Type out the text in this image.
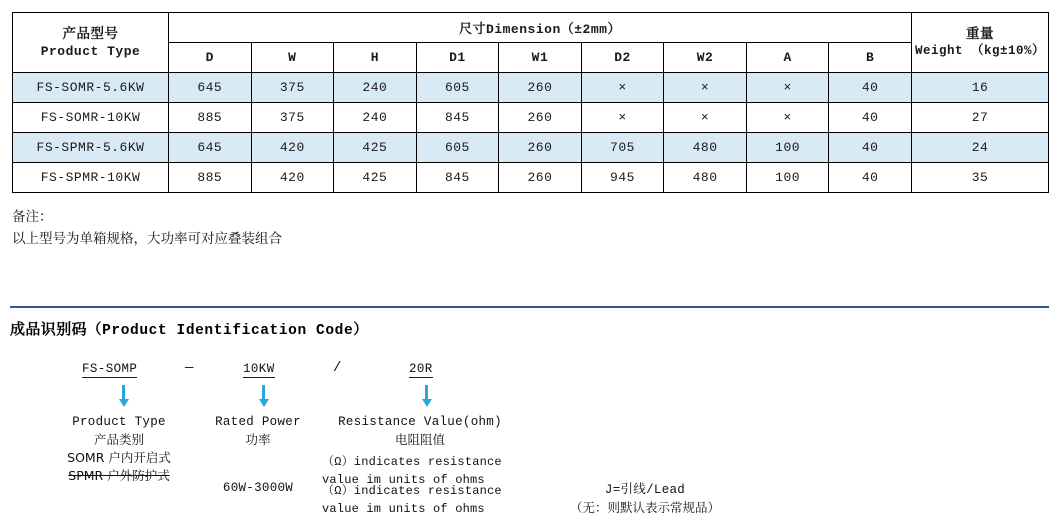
产品型号
Product Type
	尺寸Dimension（±2mm）	重量
Weight （kg±10%）

	D	W	H	D1	W1	D2	W2	A	B	
FS-SOMR-5.6KW	645	375	240	605	260	×	×	×	40	16
FS-SOMR-10KW	885	375	240	845	260	×	×	×	40	27
FS-SPMR-5.6KW	645	420	425	605	260	705	480	100	40	24
FS-SPMR-10KW	885	420	425	845	260	945	480	100	40	35
备注：
以上型号为单箱规格，大功率可对应叠装组合
成品识别码（Product Identification Code）
FS-SOMP	—	10KW	/	20R
Product Type
产品类别
SOMR 户内开启式
SPMR 户外防护式
Rated Power
功率
60W-3000W
Resistance Value(ohm)
电阻阻值
（Ω）indicates resistance
value im units of ohms
（Ω）indicates resistance
value im units of ohms
J=引线/Lead
（无：则默认表示常规品）
